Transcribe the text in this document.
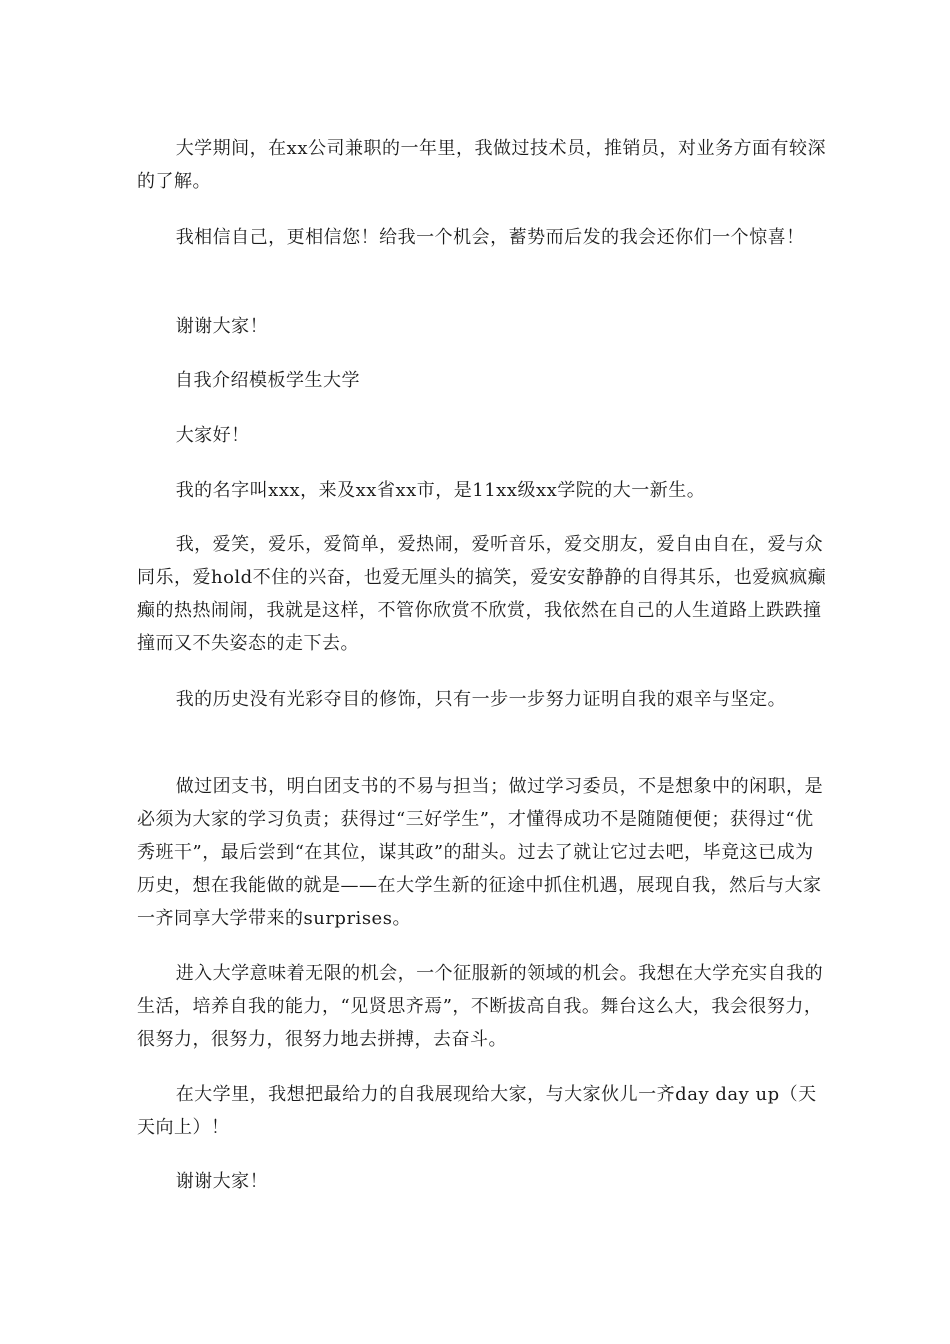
大学期间，在xx公司兼职的一年里，我做过技术员，推销员，对业务方面有较深的了解。

我相信自己，更相信您！给我一个机会，蓄势而后发的我会还你们一个惊喜！

谢谢大家！

自我介绍模板学生大学

大家好！

我的名字叫xxx，来及xx省xx市，是11xx级xx学院的大一新生。

我，爱笑，爱乐，爱简单，爱热闹，爱听音乐，爱交朋友，爱自由自在，爱与众同乐，爱hold不住的兴奋，也爱无厘头的搞笑，爱安安静静的自得其乐，也爱疯疯癫癫的热热闹闹，我就是这样，不管你欣赏不欣赏，我依然在自己的人生道路上跌跌撞撞而又不失姿态的走下去。

我的历史没有光彩夺目的修饰，只有一步一步努力证明自我的艰辛与坚定。

做过团支书，明白团支书的不易与担当；做过学习委员，不是想象中的闲职，是必须为大家的学习负责；获得过“三好学生”，才懂得成功不是随随便便；获得过“优秀班干”，最后尝到“在其位，谋其政”的甜头。过去了就让它过去吧，毕竟这已成为历史，想在我能做的就是——在大学生新的征途中抓住机遇，展现自我，然后与大家一齐同享大学带来的surprises。

进入大学意味着无限的机会，一个征服新的领域的机会。我想在大学充实自我的生活，培养自我的能力，“见贤思齐焉”，不断拔高自我。舞台这么大，我会很努力，很努力，很努力，很努力地去拼搏，去奋斗。

在大学里，我想把最给力的自我展现给大家，与大家伙儿一齐day day up（天天向上）！

谢谢大家！
